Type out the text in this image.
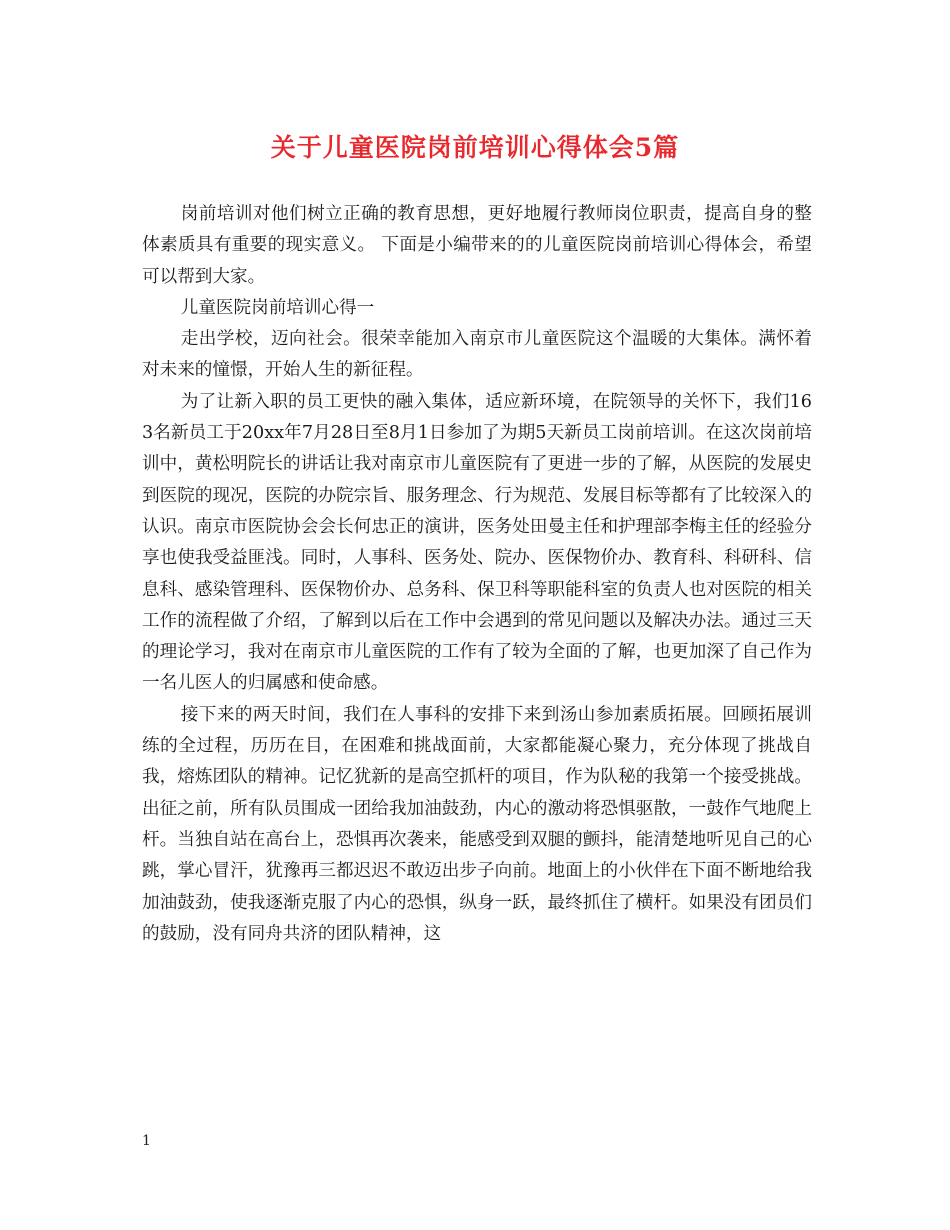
关于儿童医院岗前培训心得体会5篇

岗前培训对他们树立正确的教育思想，更好地履行教师岗位职责，提高自身的整体素质具有重要的现实意义。 下面是小编带来的的儿童医院岗前培训心得体会，希望可以帮到大家。

儿童医院岗前培训心得一

走出学校，迈向社会。很荣幸能加入南京市儿童医院这个温暖的大集体。满怀着对未来的憧憬，开始人生的新征程。

为了让新入职的员工更快的融入集体，适应新环境，在院领导的关怀下，我们163名新员工于20xx年7月28日至8月1日参加了为期5天新员工岗前培训。在这次岗前培训中，黄松明院长的讲话让我对南京市儿童医院有了更进一步的了解，从医院的发展史到医院的现况，医院的办院宗旨、服务理念、行为规范、发展目标等都有了比较深入的认识。南京市医院协会会长何忠正的演讲，医务处田曼主任和护理部李梅主任的经验分享也使我受益匪浅。同时，人事科、医务处、院办、医保物价办、教育科、科研科、信息科、感染管理科、医保物价办、总务科、保卫科等职能科室的负责人也对医院的相关工作的流程做了介绍，了解到以后在工作中会遇到的常见问题以及解决办法。通过三天的理论学习，我对在南京市儿童医院的工作有了较为全面的了解，也更加深了自己作为一名儿医人的归属感和使命感。

接下来的两天时间，我们在人事科的安排下来到汤山参加素质拓展。回顾拓展训练的全过程，历历在目，在困难和挑战面前，大家都能凝心聚力，充分体现了挑战自我，熔炼团队的精神。记忆犹新的是高空抓杆的项目，作为队秘的我第一个接受挑战。出征之前，所有队员围成一团给我加油鼓劲，内心的激动将恐惧驱散，一鼓作气地爬上杆。当独自站在高台上，恐惧再次袭来，能感受到双腿的颤抖，能清楚地听见自己的心跳，掌心冒汗，犹豫再三都迟迟不敢迈出步子向前。地面上的小伙伴在下面不断地给我加油鼓劲，使我逐渐克服了内心的恐惧，纵身一跃，最终抓住了横杆。如果没有团员们的鼓励，没有同舟共济的团队精神，这

1
